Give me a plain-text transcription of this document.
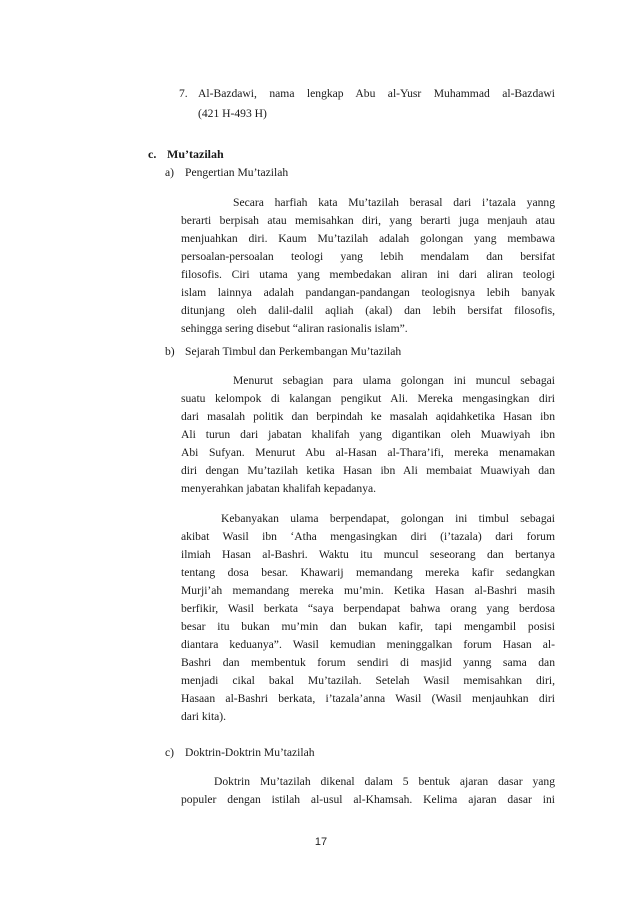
7. Al-Bazdawi, nama lengkap Abu al-Yusr Muhammad al-Bazdawi
(421 H-493 H)
c. Mu’tazilah
a) Pengertian Mu’tazilah
Secara harfiah kata Mu’tazilah berasal dari i’tazala yanng
berarti berpisah atau memisahkan diri, yang berarti juga menjauh atau
menjuahkan diri. Kaum Mu’tazilah adalah golongan yang membawa
persoalan-persoalan teologi yang lebih mendalam dan bersifat
filosofis. Ciri utama yang membedakan aliran ini dari aliran teologi
islam lainnya adalah pandangan-pandangan teologisnya lebih banyak
ditunjang oleh dalil-dalil aqliah (akal) dan lebih bersifat filosofis,
sehingga sering disebut “aliran rasionalis islam”.
b) Sejarah Timbul dan Perkembangan Mu’tazilah
Menurut sebagian para ulama golongan ini muncul sebagai
suatu kelompok di kalangan pengikut Ali. Mereka mengasingkan diri
dari masalah politik dan berpindah ke masalah aqidahketika Hasan ibn
Ali turun dari jabatan khalifah yang digantikan oleh Muawiyah ibn
Abi Sufyan. Menurut Abu al-Hasan al-Thara’ifi, mereka menamakan
diri dengan Mu’tazilah ketika Hasan ibn Ali membaiat Muawiyah dan
menyerahkan jabatan khalifah kepadanya.
Kebanyakan ulama berpendapat, golongan ini timbul sebagai
akibat Wasil ibn ‘Atha mengasingkan diri (i’tazala) dari forum
ilmiah Hasan al-Bashri. Waktu itu muncul seseorang dan bertanya
tentang dosa besar. Khawarij memandang mereka kafir sedangkan
Murji’ah memandang mereka mu’min. Ketika Hasan al-Bashri masih
berfikir, Wasil berkata “saya berpendapat bahwa orang yang berdosa
besar itu bukan mu’min dan bukan kafir, tapi mengambil posisi
diantara keduanya”. Wasil kemudian meninggalkan forum Hasan al-
Bashri dan membentuk forum sendiri di masjid yanng sama dan
menjadi cikal bakal Mu’tazilah. Setelah Wasil memisahkan diri,
Hasaan al-Bashri berkata, i’tazala’anna Wasil (Wasil menjauhkan diri
dari kita).
c) Doktrin-Doktrin Mu’tazilah
Doktrin Mu’tazilah dikenal dalam 5 bentuk ajaran dasar yang
populer dengan istilah al-usul al-Khamsah. Kelima ajaran dasar ini
17
